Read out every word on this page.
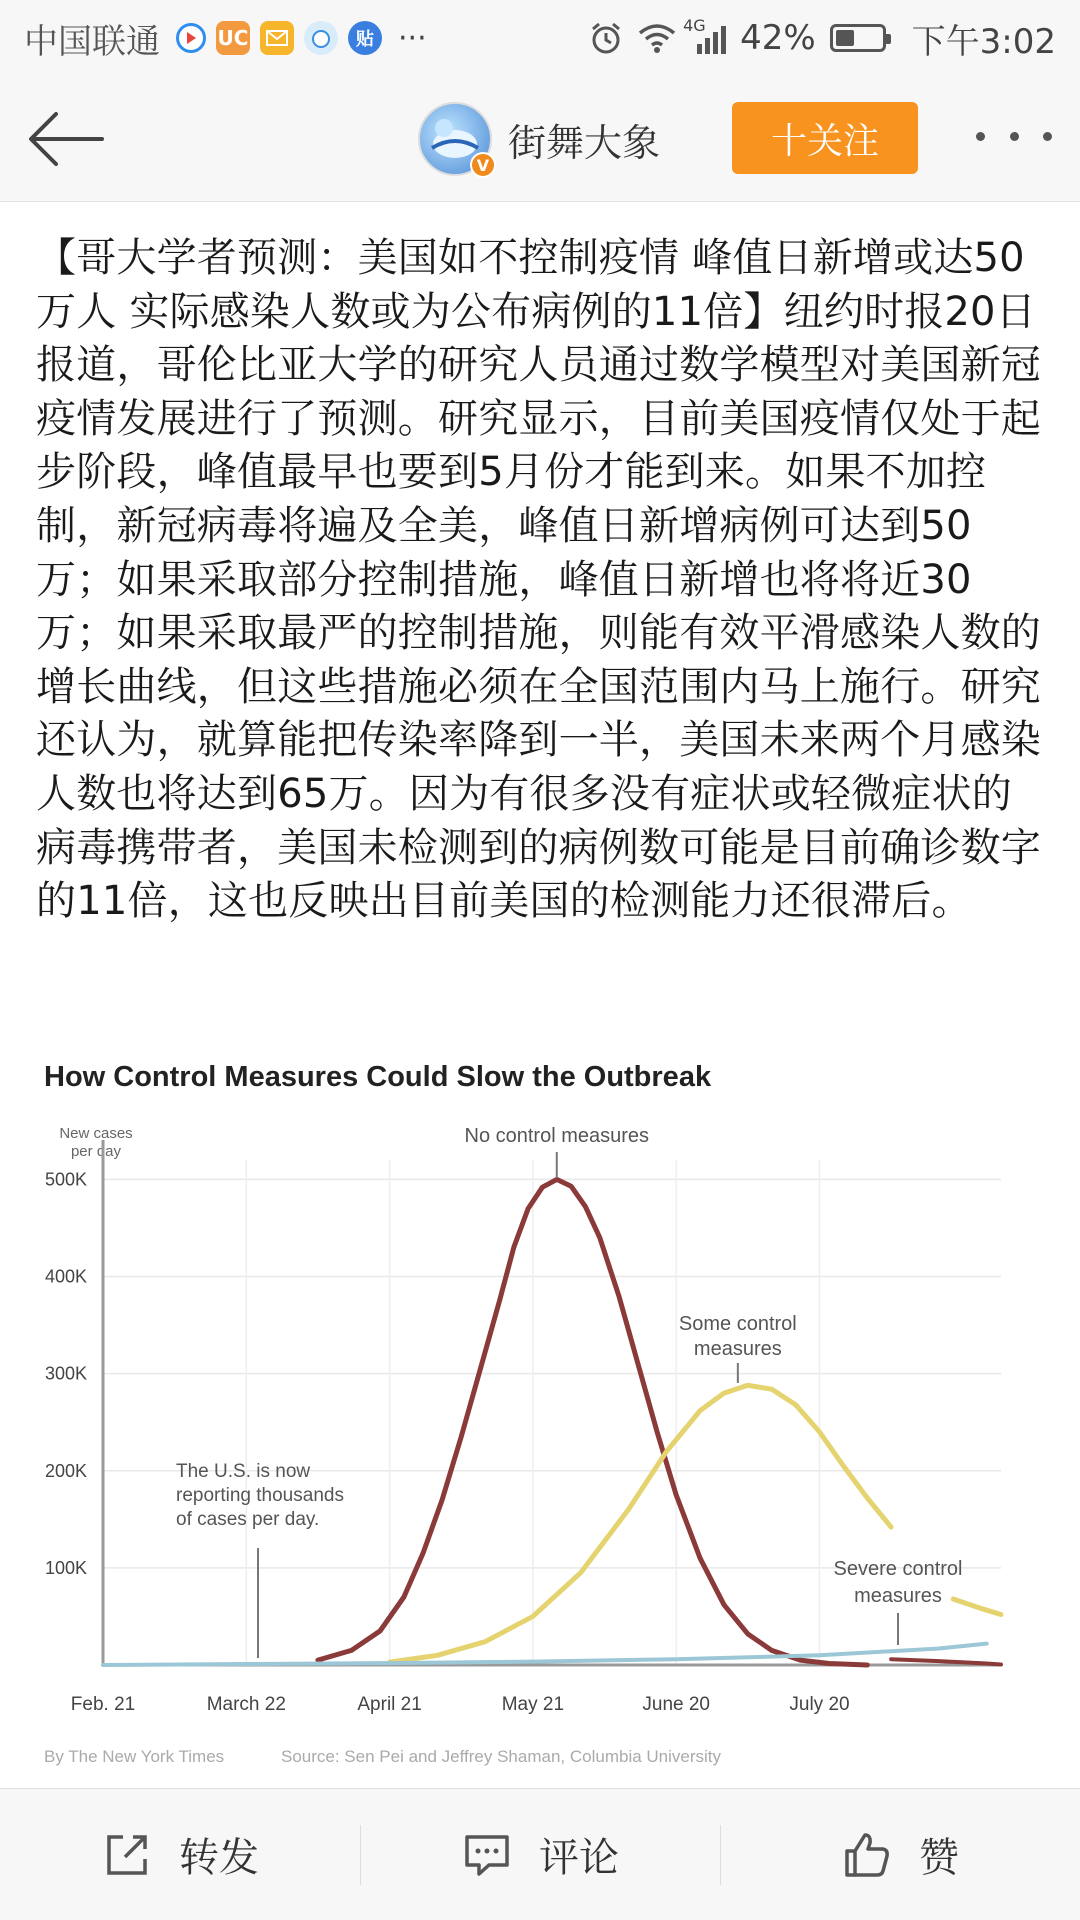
中国联通	UC	贴 ···	4G 42%	下午3:02
V
街舞大象	十关注

【哥大学者预测：美国如不控制疫情 峰值日新增或达50万人 实际感染人数或为公布病例的11倍】纽约时报20日报道，哥伦比亚大学的研究人员通过数学模型对美国新冠疫情发展进行了预测。研究显示，目前美国疫情仅处于起步阶段，峰值最早也要到5月份才能到来。如果不加控制，新冠病毒将遍及全美，峰值日新增病例可达到50万；如果采取部分控制措施，峰值日新增也将将近30万；如果采取最严的控制措施，则能有效平滑感染人数的增长曲线，但这些措施必须在全国范围内马上施行。研究还认为，就算能把传染率降到一半，美国未来两个月感染人数也将达到65万。因为有很多没有症状或轻微症状的病毒携带者，美国未检测到的病例数可能是目前确诊数字的11倍，这也反映出目前美国的检测能力还很滞后。

How Control Measures Could Slow the Outbreak
New cases
per day
500K
400K
300K
200K
100K
Feb. 21	March 22	April 21	May 21	June 20	July 20
No control measures
Some control
measures
Severe control
measures
The U.S. is now
reporting thousands
of cases per day.
By The New York Times	Source: Sen Pei and Jeffrey Shaman, Columbia University
转发	评论	赞
